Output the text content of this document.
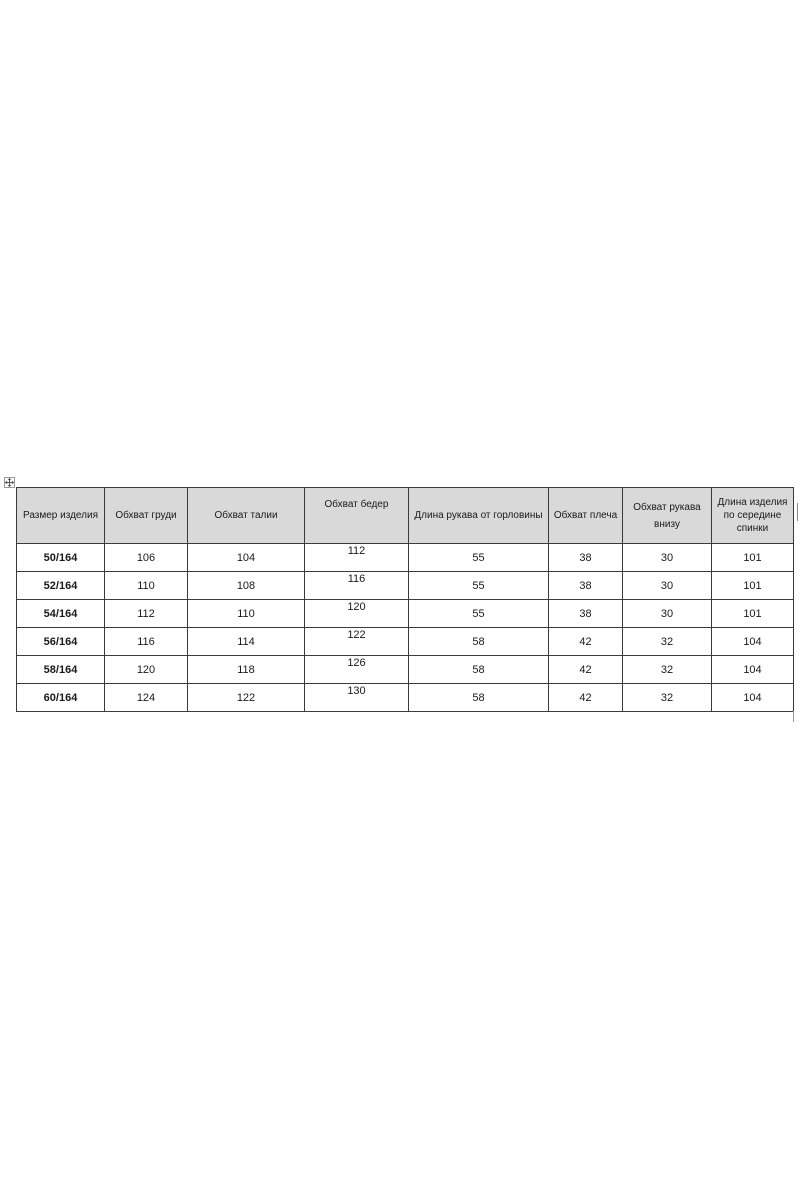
Размер изделия	Обхват груди	Обхват талии	Обхват бедер	Длина рукава от горловины	Обхват плеча	Обхват рукава внизу	Длина изделия по середине спинки
50/164	106	104	112	55	38	30	101
52/164	110	108	116	55	38	30	101
54/164	112	110	120	55	38	30	101
56/164	116	114	122	58	42	32	104
58/164	120	118	126	58	42	32	104
60/164	124	122	130	58	42	32	104
